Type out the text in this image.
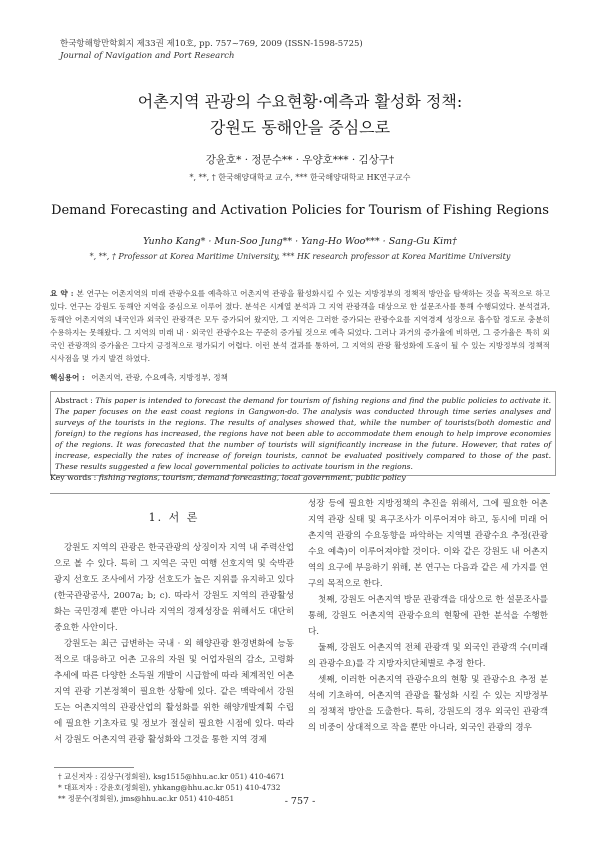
한국항해항만학회지 제33권 제10호, pp. 757~769, 2009 (ISSN-1598-5725)
Journal of Navigation and Port Research
어촌지역 관광의 수요현황·예측과 활성화 정책:
강원도 동해안을 중심으로
강윤호* · 정문수** · 우양호*** · 김상구†
*, **, † 한국해양대학교 교수, *** 한국해양대학교 HK연구교수
Demand Forecasting and Activation Policies for Tourism of Fishing Regions
Yunho Kang* · Mun-Soo Jung** · Yang-Ho Woo*** · Sang-Gu Kim†
*, **, † Professor at Korea Maritime University, *** HK research professor at Korea Maritime University
요 약 : 본 연구는 어촌지역의 미래 관광수요를 예측하고 어촌지역 관광을 활성화시킬 수 있는 지방정부의 정책적 방안을 탐색하는 것을 목적으로 하고 있다. 연구는 강원도 동해안 지역을 중심으로 이루어 졌다. 분석은 시계열 분석과 그 지역 관광객을 대상으로 한 설문조사를 통해 수행되었다. 분석결과, 동해안 어촌지역의 내국인과 외국인 관광객은 모두 증가되어 왔지만, 그 지역은 그러한 증가되는 관광수요를 지역경제 성장으로 흡수할 정도로 충분히 수용하지는 못해왔다. 그 지역의 미래 내 · 외국인 관광수요는 꾸준히 증가될 것으로 예측 되었다. 그러나 과거의 증가율에 비하면, 그 증가율은 특히 외국인 관광객의 증가율은 그다지 긍정적으로 평가되기 어렵다. 이런 분석 결과를 통하여, 그 지역의 관광 활성화에 도움이 될 수 있는 지방정부의 정책적 시사점을 몇 가지 발견 하였다.
핵심용어 : 어촌지역, 관광, 수요예측, 지방정부, 정책
Abstract : This paper is intended to forecast the demand for tourism of fishing regions and find the public policies to activate it. The paper focuses on the east coast regions in Gangwon-do. The analysis was conducted through time series analyses and surveys of the tourists in the regions. The results of analyses showed that, while the number of tourists(both domestic and foreign) to the regions has increased, the regions have not been able to accommodate them enough to help improve economies of the regions. It was forecasted that the number of tourists will significantly increase in the future. However, that rates of increase, especially the rates of increase of foreign tourists, cannot be evaluated positively compared to those of the past. These results suggested a few local governmental policies to activate tourism in the regions.
Key words : fishing regions, tourism, demand forecasting, local government, public policy
1. 서 론

강원도 지역의 관광은 한국관광의 상징이자 지역 내 주력산업으로 볼 수 있다. 특히 그 지역은 국민 여행 선호지역 및 숙박관광지 선호도 조사에서 가장 선호도가 높은 지위를 유지하고 있다(한국관광공사, 2007a; b; c). 따라서 강원도 지역의 관광활성화는 국민경제 뿐만 아니라 지역의 경제성장을 위해서도 대단히 중요한 사안이다.

강원도는 최근 급변하는 국내 · 외 해양관광 환경변화에 능동적으로 대응하고 어촌 고유의 자원 및 어업자원의 감소, 고령화 추세에 따른 다양한 소득원 개발이 시급함에 따라 체계적인 어촌지역 관광 기본정책이 필요한 상황에 있다. 같은 맥락에서 강원도는 어촌지역의 관광산업의 활성화를 위한 해양개발계획 수립에 필요한 기초자료 및 정보가 절실히 필요한 시점에 있다. 따라서 강원도 어촌지역 관광 활성화와 그것을 통한 지역 경제

성장 등에 필요한 지방정책의 추진을 위해서, 그에 필요한 어촌지역 관광 실태 및 욕구조사가 이루어져야 하고, 동시에 미래 어촌지역 관광의 수요동향을 파악하는 지역별 관광수요 추정(관광수요 예측)이 이루어져야할 것이다. 이와 같은 강원도 내 어촌지역의 요구에 부응하기 위해, 본 연구는 다음과 같은 세 가지를 연구의 목적으로 한다.

첫째, 강원도 어촌지역 방문 관광객을 대상으로 한 설문조사를 통해, 강원도 어촌지역 관광수요의 현황에 관한 분석을 수행한다.

둘째, 강원도 어촌지역 전체 관광객 및 외국인 관광객 수(미래의 관광수요)를 각 지방자치단체별로 추정 한다.

셋째, 이러한 어촌지역 관광수요의 현황 및 관광수요 추정 분석에 기초하여, 어촌지역 관광을 활성화 시킬 수 있는 지방정부의 정책적 방안을 도출한다. 특히, 강원도의 경우 외국인 관광객의 비중이 상대적으로 작을 뿐만 아니라, 외국인 관광의 경우

† 교신저자 : 김상구(정회원), ksg1515@hhu.ac.kr 051) 410-4671
* 대표저자 : 강윤호(정회원), yhkang@hhu.ac.kr 051) 410-4732
** 정문수(정회원), jms@hhu.ac.kr 051) 410-4851	- 757 -
